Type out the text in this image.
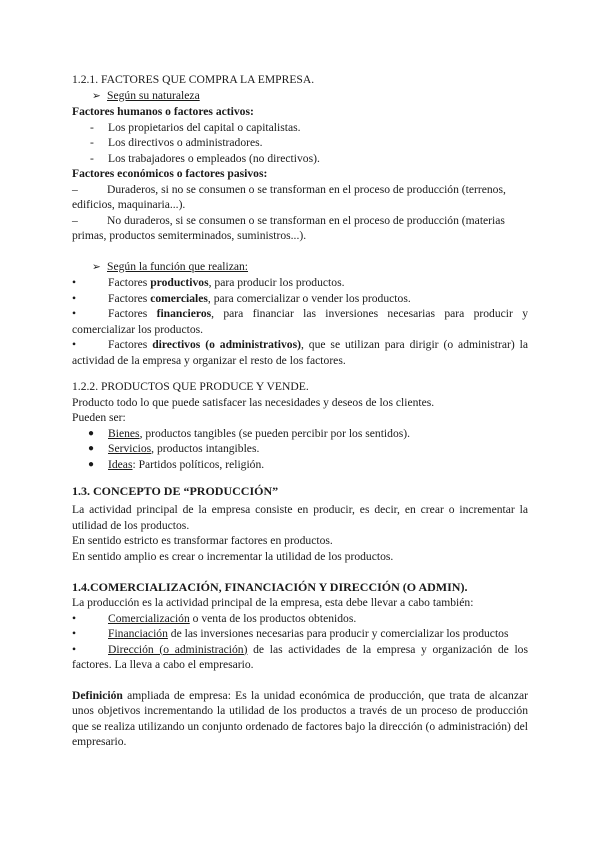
1.2.1. FACTORES QUE COMPRA LA EMPRESA.

➢ Según su naturaleza

Factores humanos o factores activos:

-	Los propietarios del capital o capitalistas.
-	Los directivos o administradores.
-	Los trabajadores o empleados (no directivos).

Factores económicos o factores pasivos:

–	Duraderos, si no se consumen o se transforman en el proceso de producción (terrenos, edificios, maquinaria...).

–	No duraderos, si se consumen o se transforman en el proceso de producción (materias primas, productos semiterminados, suministros...).

➢ Según la función que realizan:

•	Factores productivos, para producir los productos.

•	Factores comerciales, para comercializar o vender los productos.

•	Factores financieros, para financiar las inversiones necesarias para producir y comercializar los productos.

•	Factores directivos (o administrativos), que se utilizan para dirigir (o administrar) la actividad de la empresa y organizar el resto de los factores.

1.2.2. PRODUCTOS QUE PRODUCE Y VENDE.

Producto todo lo que puede satisfacer las necesidades y deseos de los clientes.

Pueden ser:

●	Bienes, productos tangibles (se pueden percibir por los sentidos).
●	Servicios, productos intangibles.
●	Ideas: Partidos políticos, religión.
1.3. CONCEPTO DE “PRODUCCIÓN”

La actividad principal de la empresa consiste en producir, es decir, en crear o incrementar la utilidad de los productos.

En sentido estricto es transformar factores en productos.

En sentido amplio es crear o incrementar la utilidad de los productos.

1.4.COMERCIALIZACIÓN, FINANCIACIÓN Y DIRECCIÓN (O ADMIN).

La producción es la actividad principal de la empresa, esta debe llevar a cabo también:

•	Comercialización o venta de los productos obtenidos.

•	Financiación de las inversiones necesarias para producir y comercializar los productos

•	Dirección (o administración) de las actividades de la empresa y organización de los factores. La lleva a cabo el empresario.

Definición ampliada de empresa: Es la unidad económica de producción, que trata de alcanzar unos objetivos incrementando la utilidad de los productos a través de un proceso de producción que se realiza utilizando un conjunto ordenado de factores bajo la dirección (o administración) del empresario.
